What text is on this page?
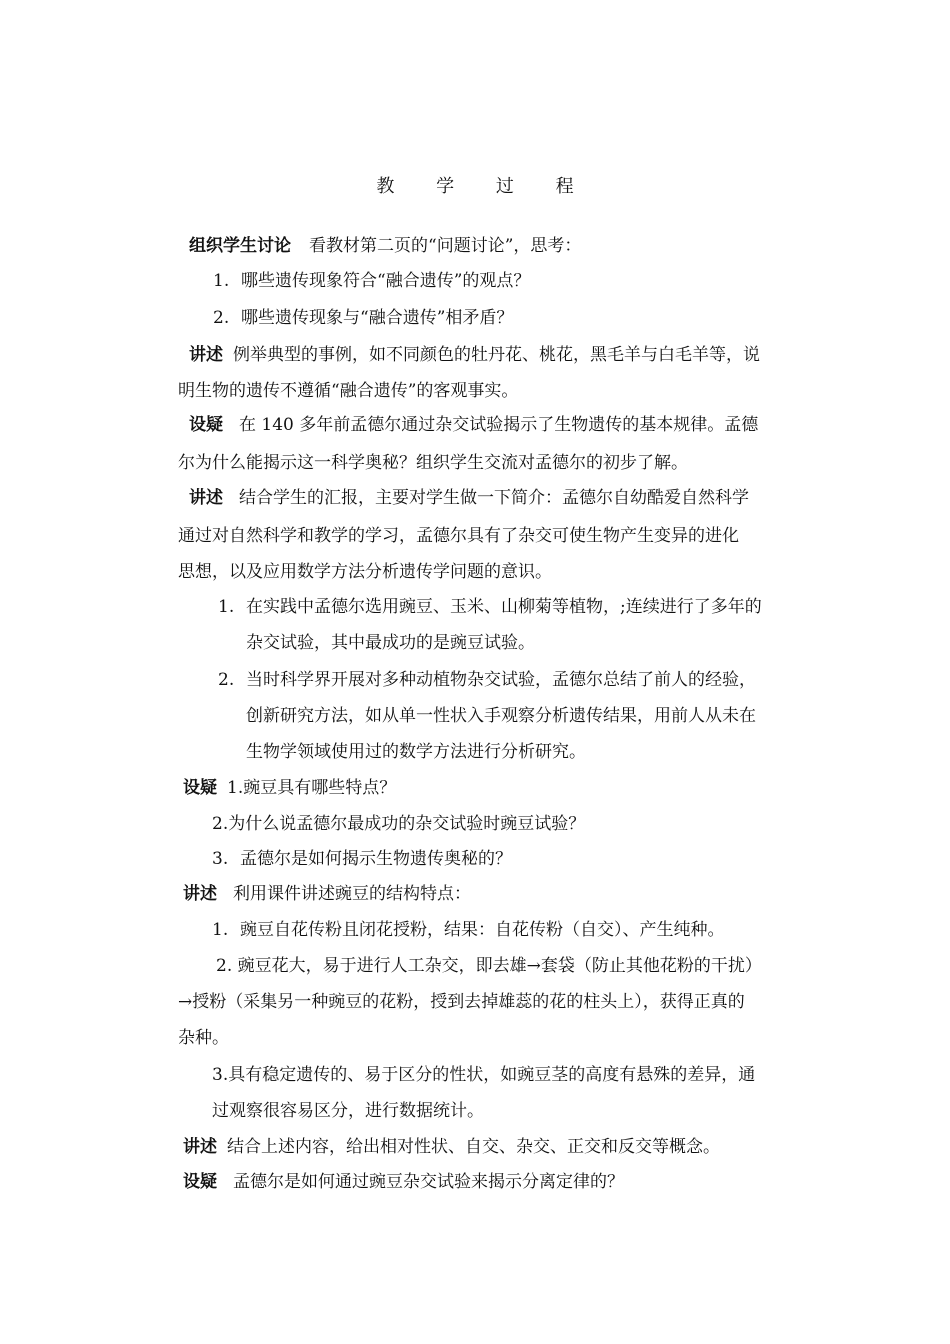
教 学 过 程
组织学生讨论 看教材第二页的“问题讨论”，思考：
1. 哪些遗传现象符合“融合遗传”的观点？
2. 哪些遗传现象与“融合遗传”相矛盾？
讲述 例举典型的事例，如不同颜色的牡丹花、桃花，黑毛羊与白毛羊等，说
明生物的遗传不遵循“融合遗传”的客观事实。
设疑 在 140 多年前孟德尔通过杂交试验揭示了生物遗传的基本规律。孟德
尔为什么能揭示这一科学奥秘？组织学生交流对孟德尔的初步了解。
讲述 结合学生的汇报，主要对学生做一下简介：孟德尔自幼酷爱自然科学
通过对自然科学和教学的学习，孟德尔具有了杂交可使生物产生变异的进化
思想，以及应用数学方法分析遗传学问题的意识。
1. 在实践中孟德尔选用豌豆、玉米、山柳菊等植物，;连续进行了多年的
杂交试验，其中最成功的是豌豆试验。
2. 当时科学界开展对多种动植物杂交试验，孟德尔总结了前人的经验，
创新研究方法，如从单一性状入手观察分析遗传结果，用前人从未在
生物学领域使用过的数学方法进行分析研究。
设疑 1.豌豆具有哪些特点？
2.为什么说孟德尔最成功的杂交试验时豌豆试验？
3. 孟德尔是如何揭示生物遗传奥秘的？
讲述 利用课件讲述豌豆的结构特点：
1. 豌豆自花传粉且闭花授粉，结果：自花传粉（自交）、产生纯种。
2. 豌豆花大，易于进行人工杂交，即去雄→套袋（防止其他花粉的干扰）
→授粉（采集另一种豌豆的花粉，授到去掉雄蕊的花的柱头上），获得正真的
杂种。
3.具有稳定遗传的、易于区分的性状，如豌豆茎的高度有悬殊的差异，通
过观察很容易区分，进行数据统计。
讲述 结合上述内容，给出相对性状、自交、杂交、正交和反交等概念。
设疑 孟德尔是如何通过豌豆杂交试验来揭示分离定律的？
